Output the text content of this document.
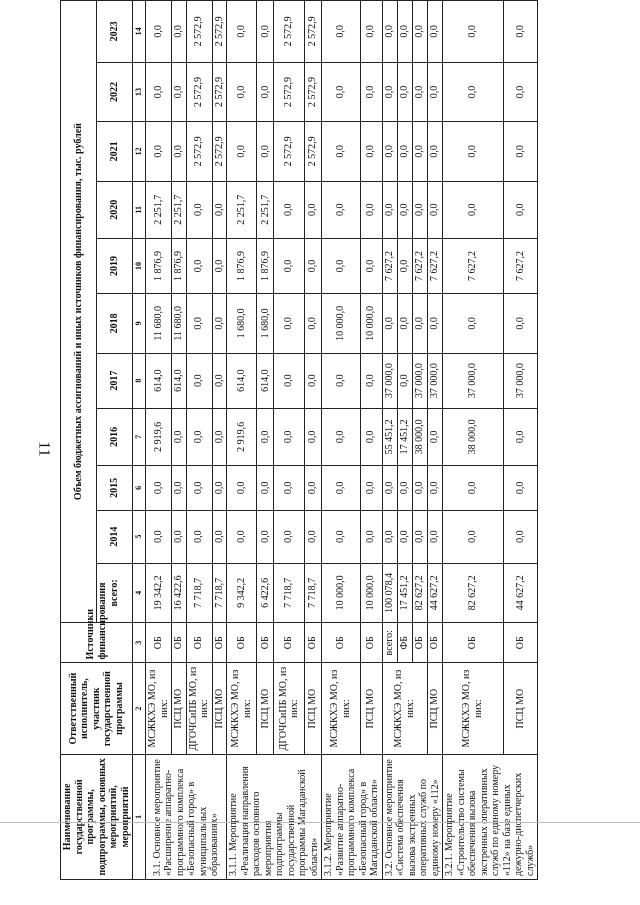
11
Наименование государственной программы, подпрограммы, основных мероприятий, мероприятий	Ответственный исполнитель, участник государственной программы	Источники финансирования	Объем бюджетных ассигнований и иных источников финансирования, тыс. рублей										
			всего:	2014	2015	2016	2017	2018	2019	2020	2021	2022	2023
1	2	3	4	5	6	7	8	9	10	11	12	13	14
3.1. Основное мероприятие «Расширение аппаратно-программного комплекса «Безопасный город» в муниципальных образованиях»	МСЖКХЭ МО, из них:	ОБ	19 342,2	0,0	0,0	2 919,6	614,0	11 680,0	1 876,9	2 251,7	0,0	0,0	0,0
	ПСЦ МО	ОБ	16 422,6	0,0	0,0	0,0	614,0	11 680,0	1 876,9	2 251,7	0,0	0,0	0,0
	ДГОЧСиПБ МО, из них:	ОБ	7 718,7	0,0	0,0	0,0	0,0	0,0	0,0	0,0	2 572,9	2 572,9	2 572,9
	ПСЦ МО	ОБ	7 718,7	0,0	0,0	0,0	0,0	0,0	0,0	0,0	2 572,9	2 572,9	2 572,9
3.1.1. Мероприятие «Реализация направления расходов основного мероприятия подпрограммы государственной программы Магаданской области»	МСЖКХЭ МО, из них:	ОБ	9 342,2	0,0	0,0	2 919,6	614,0	1 680,0	1 876,9	2 251,7	0,0	0,0	0,0
	ПСЦ МО	ОБ	6 422,6	0,0	0,0	0,0	614,0	1 680,0	1 876,9	2 251,7	0,0	0,0	0,0
	ДГОЧСиПБ МО, из них:	ОБ	7 718,7	0,0	0,0	0,0	0,0	0,0	0,0	0,0	2 572,9	2 572,9	2 572,9
	ПСЦ МО	ОБ	7 718,7	0,0	0,0	0,0	0,0	0,0	0,0	0,0	2 572,9	2 572,9	2 572,9
3.1.2. Мероприятие «Развитие аппаратно-программного комплекса «Безопасный город» в Магаданской области»	МСЖКХЭ МО, из них:	ОБ	10 000,0	0,0	0,0	0,0	0,0	10 000,0	0,0	0,0	0,0	0,0	0,0
	ПСЦ МО	ОБ	10 000,0	0,0	0,0	0,0	0,0	10 000,0	0,0	0,0	0,0	0,0	0,0
3.2. Основное мероприятие «Система обеспечения вызова экстренных оперативных служб по единому номеру «112»	МСЖКХЭ МО, из них:	всего:	100 078,4	0,0	0,0	55 451,2	37 000,0	0,0	7 627,2	0,0	0,0	0,0	0,0
		ФБ	17 451,2	0,0	0,0	17 451,2	0,0	0,0	0,0	0,0	0,0	0,0	0,0
		ОБ	82 627,2	0,0	0,0	38 000,0	37 000,0	0,0	7 627,2	0,0	0,0	0,0	0,0
	ПСЦ МО	ОБ	44 627,2	0,0	0,0	0,0	37 000,0	0,0	7 627,2	0,0	0,0	0,0	0,0
3.2.1. Мероприятие «Строительство системы обеспечения вызова экстренных оперативных служб по единому номеру «112» на базе единых дежурно-диспетчерских служб»	МСЖКХЭ МО, из них:	ОБ	82 627,2	0,0	0,0	38 000,0	37 000,0	0,0	7 627,2	0,0	0,0	0,0	0,0
	ПСЦ МО	ОБ	44 627,2	0,0	0,0	0,0	37 000,0	0,0	7 627,2	0,0	0,0	0,0	0,0
